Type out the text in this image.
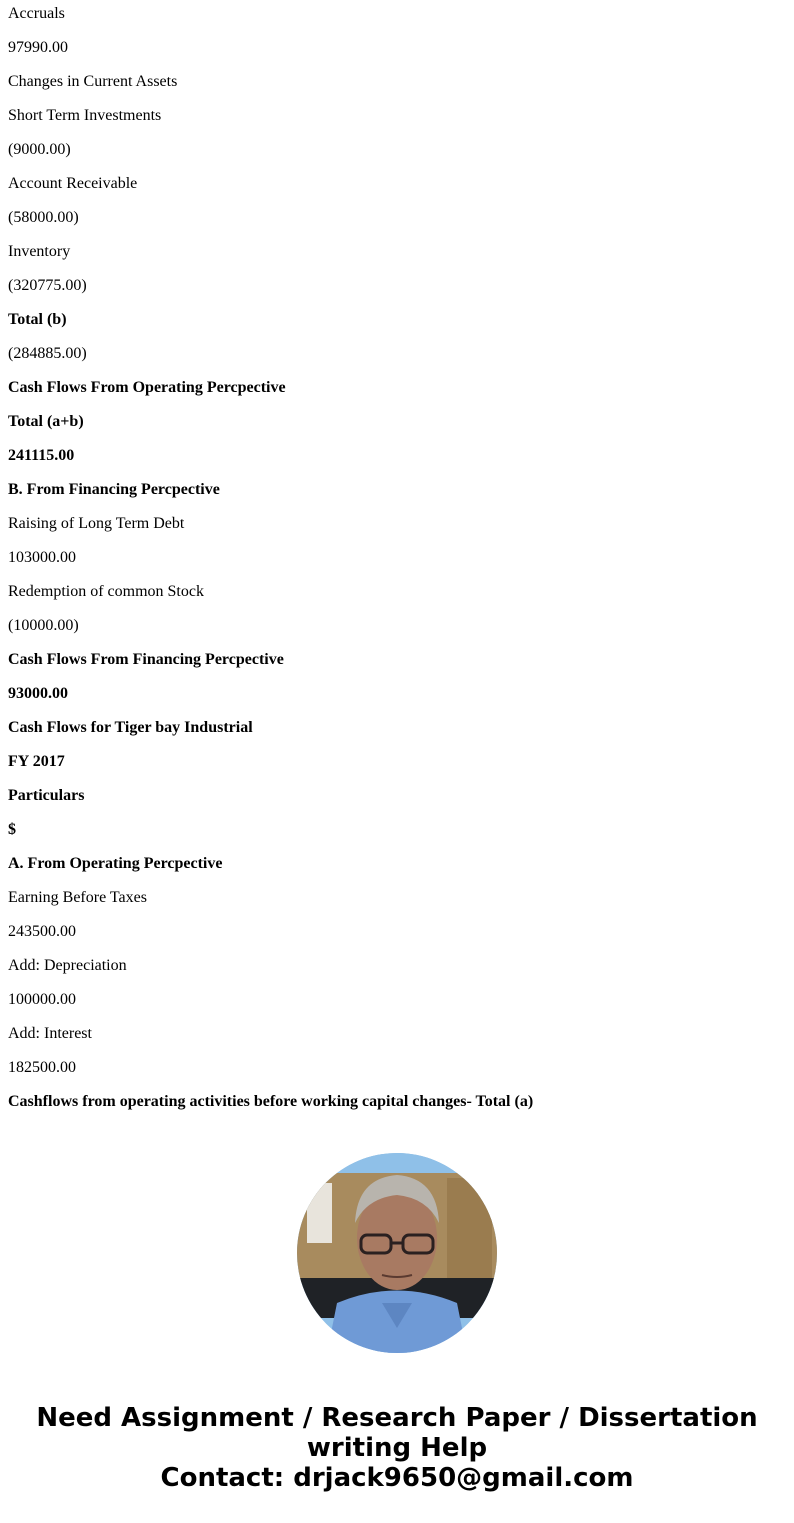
Accruals

97990.00

Changes in Current Assets

Short Term Investments

(9000.00)

Account Receivable

(58000.00)

Inventory

(320775.00)

Total (b)

(284885.00)

Cash Flows From Operating Percpective

Total (a+b)

241115.00

B. From Financing Percpective

Raising of Long Term Debt

103000.00

Redemption of common Stock

(10000.00)

Cash Flows From Financing Percpective

93000.00

Cash Flows for Tiger bay Industrial

FY 2017

Particulars

$

A. From Operating Percpective

Earning Before Taxes

243500.00

Add: Depreciation

100000.00

Add: Interest

182500.00

Cashflows from operating activities before working capital changes- Total (a)

Need Assignment / Research Paper / Dissertation
writing Help
Contact: drjack9650@gmail.com
